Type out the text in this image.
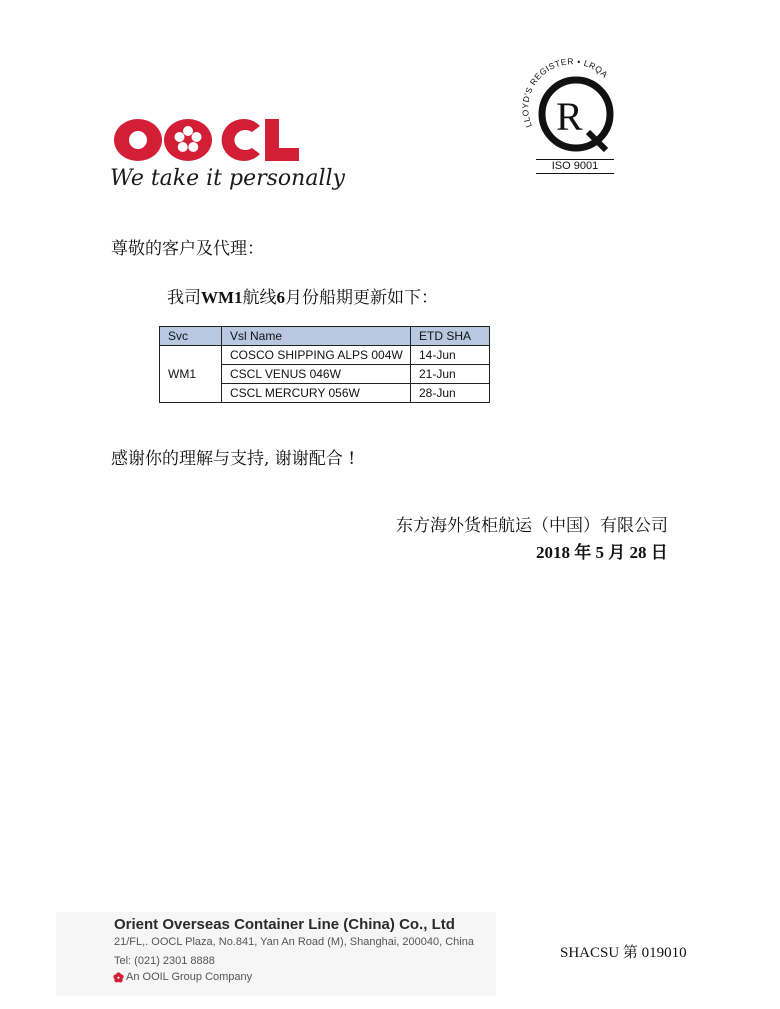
We take it personally
LLOYD'S REGISTER • LRQA
R
ISO 9001
尊敬的客户及代理：
我司WM1航线6月份船期更新如下：
Svc	Vsl Name	ETD SHA
WM1	COSCO SHIPPING ALPS 004W	14-Jun
	CSCL VENUS 046W	21-Jun
	CSCL MERCURY 056W	28-Jun
感谢你的理解与支持, 谢谢配合 !
东方海外货柜航运（中国）有限公司
2018 年 5 月 28 日
Orient Overseas Container Line (China) Co., Ltd
21/FL,. OOCL Plaza, No.841, Yan An Road (M), Shanghai, 200040, China
Tel: (021) 2301 8888
An OOIL Group Company
SHACSU 第 019010
